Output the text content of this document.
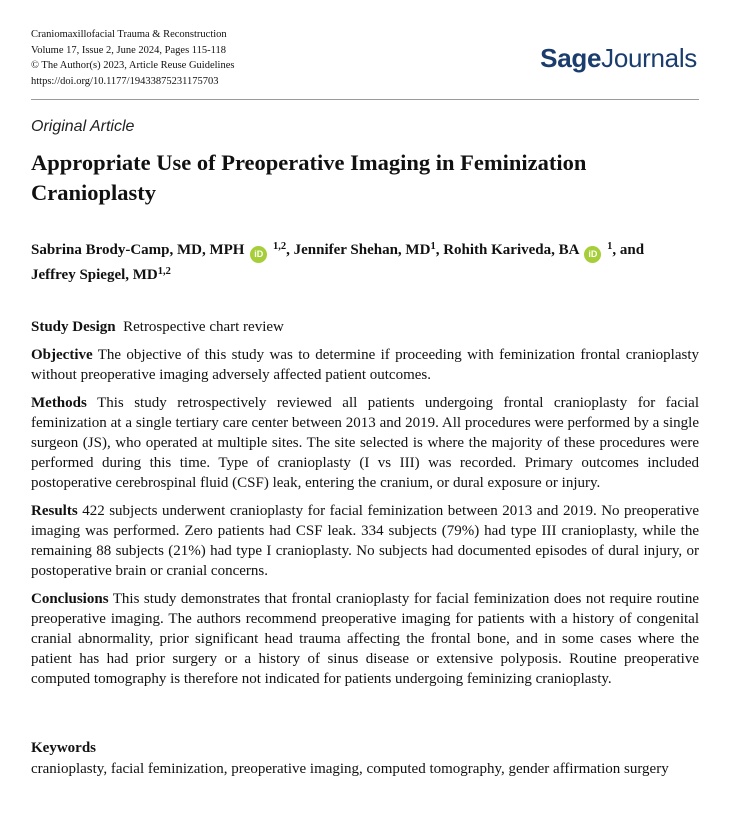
Craniomaxillofacial Trauma & Reconstruction
Volume 17, Issue 2, June 2024, Pages 115-118
© The Author(s) 2023, Article Reuse Guidelines
https://doi.org/10.1177/19433875231175703
SageJournals
Original Article
Appropriate Use of Preoperative Imaging in Feminization Cranioplasty
Sabrina Brody-Camp, MD, MPH iD $^{1,2}$, Jennifer Shehan, $MD^1$, Rohith Kariveda, BA iD $^1$, and
Jeffrey Spiegel, MD$^{1,2}$

Study Design Retrospective chart review

Objective The objective of this study was to determine if proceeding with feminization frontal cranioplasty without preoperative imaging adversely affected patient outcomes.

Methods This study retrospectively reviewed all patients undergoing frontal cranioplasty for facial feminization at a single tertiary care center between 2013 and 2019. All procedures were performed by a single surgeon (JS), who operated at multiple sites. The site selected is where the majority of these procedures were performed during this time. Type of cranioplasty (I vs III) was recorded. Primary outcomes included postoperative cerebrospinal fluid (CSF) leak, entering the cranium, or dural exposure or injury.

Results 422 subjects underwent cranioplasty for facial feminization between 2013 and 2019. No preoperative imaging was performed. Zero patients had CSF leak. 334 subjects (79%) had type III cranioplasty, while the remaining 88 subjects (21%) had type I cranioplasty. No subjects had documented episodes of dural injury, or postoperative brain or cranial concerns.

Conclusions This study demonstrates that frontal cranioplasty for facial feminization does not require routine preoperative imaging. The authors recommend preoperative imaging for patients with a history of congenital cranial abnormality, prior significant head trauma affecting the frontal bone, and in some cases where the patient has had prior surgery or a history of sinus disease or extensive polyposis. Routine preoperative computed tomography is therefore not indicated for patients undergoing feminizing cranioplasty.

Keywords
cranioplasty, facial feminization, preoperative imaging, computed tomography, gender affirmation surgery
